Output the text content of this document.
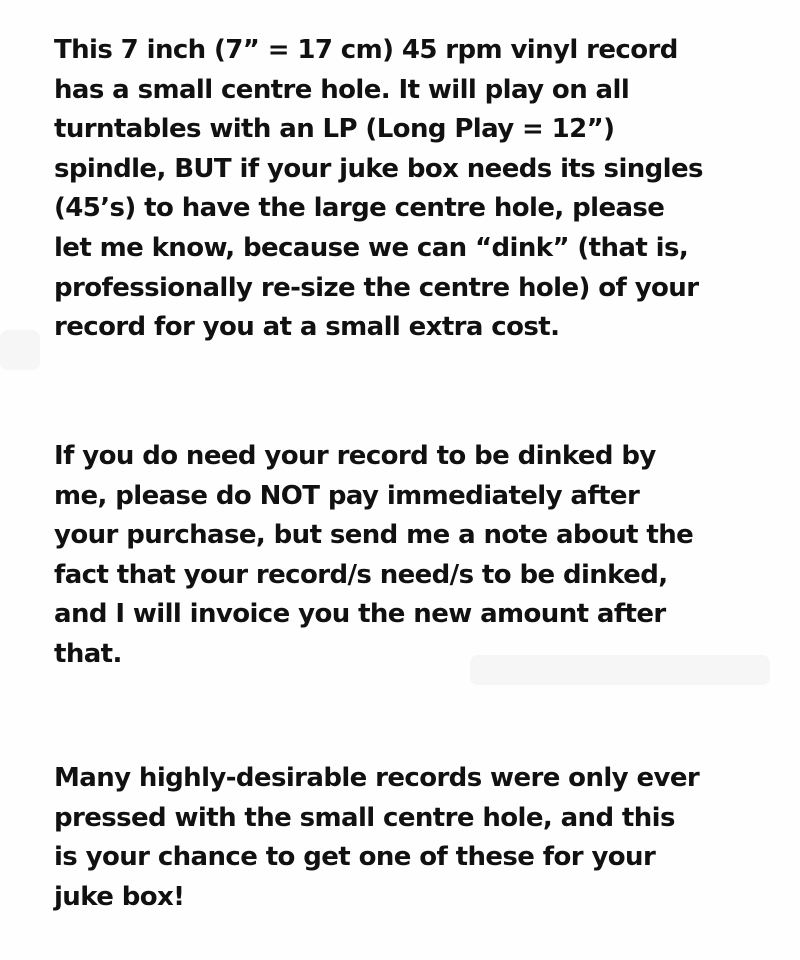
This 7 inch (7” = 17 cm) 45 rpm vinyl record
has a small centre hole. It will play on all
turntables with an LP (Long Play = 12”)
spindle, BUT if your juke box needs its singles
(45’s) to have the large centre hole, please
let me know, because we can “dink” (that is,
professionally re-size the centre hole) of your
record for you at a small extra cost.

If you do need your record to be dinked by
me, please do NOT pay immediately after
your purchase, but send me a note about the
fact that your record/s need/s to be dinked,
and I will invoice you the new amount after
that.

Many highly-desirable records were only ever
pressed with the small centre hole, and this
is your chance to get one of these for your
juke box!
